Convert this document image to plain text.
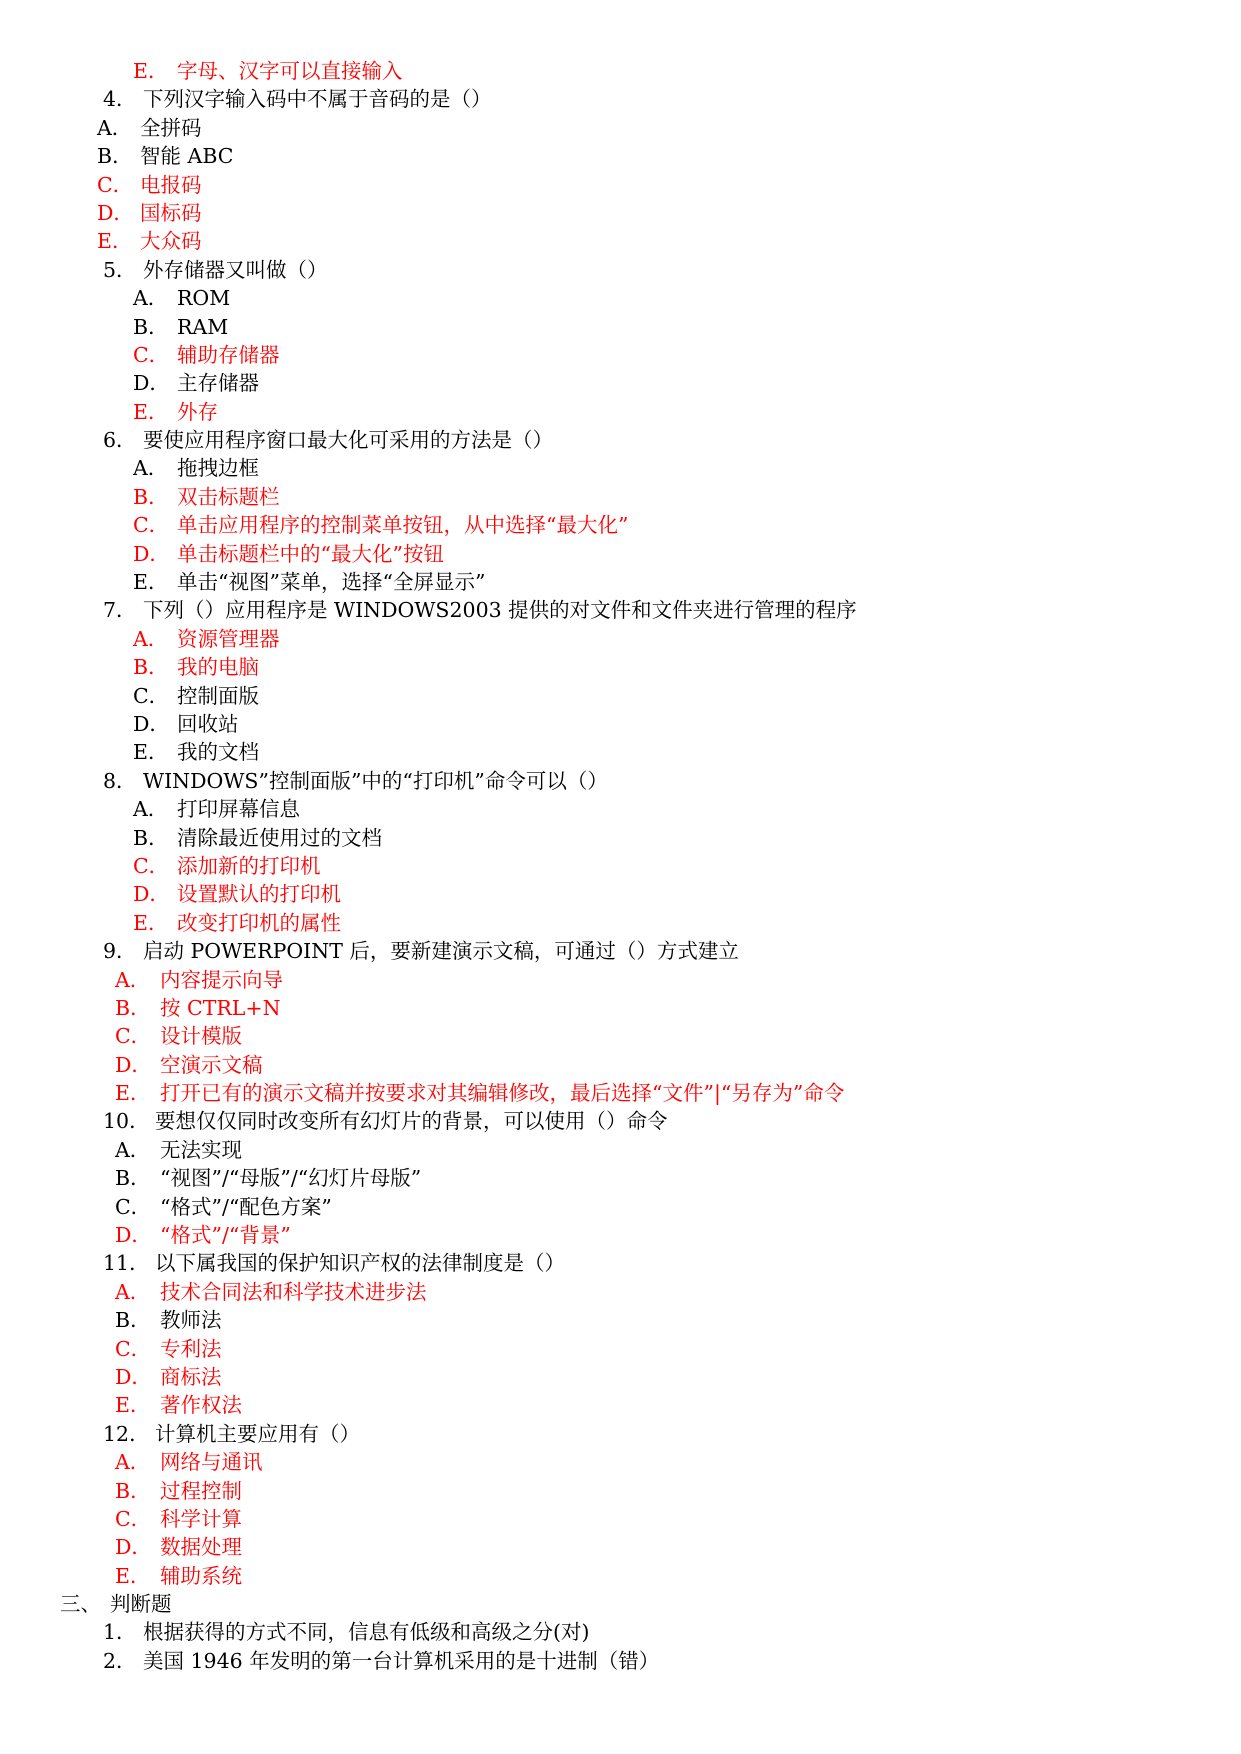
E． 字母、汉字可以直接输入
4． 下列汉字输入码中不属于音码的是（）
A． 全拼码
B． 智能 ABC
C． 电报码
D． 国标码
E． 大众码
5． 外存储器又叫做（）
A． ROM
B． RAM
C． 辅助存储器
D． 主存储器
E． 外存
6． 要使应用程序窗口最大化可采用的方法是（）
A． 拖拽边框
B． 双击标题栏
C． 单击应用程序的控制菜单按钮，从中选择“最大化”
D． 单击标题栏中的“最大化”按钮
E． 单击“视图”菜单，选择“全屏显示”
7． 下列（）应用程序是 WINDOWS2003 提供的对文件和文件夹进行管理的程序
A． 资源管理器
B． 我的电脑
C． 控制面版
D． 回收站
E． 我的文档
8． WINDOWS”控制面版”中的“打印机”命令可以（）
A． 打印屏幕信息
B． 清除最近使用过的文档
C． 添加新的打印机
D． 设置默认的打印机
E． 改变打印机的属性
9． 启动 POWERPOINT 后，要新建演示文稿，可通过（）方式建立
A． 内容提示向导
B． 按 CTRL+N
C． 设计模版
D． 空演示文稿
E． 打开已有的演示文稿并按要求对其编辑修改，最后选择“文件”|“另存为”命令
10． 要想仅仅同时改变所有幻灯片的背景，可以使用（）命令
A． 无法实现
B． “视图”/“母版”/“幻灯片母版”
C． “格式”/“配色方案”
D． “格式”/“背景”
11． 以下属我国的保护知识产权的法律制度是（）
A． 技术合同法和科学技术进步法
B． 教师法
C． 专利法
D． 商标法
E． 著作权法
12． 计算机主要应用有（）
A． 网络与通讯
B． 过程控制
C． 科学计算
D． 数据处理
E． 辅助系统
三、 判断题
1． 根据获得的方式不同，信息有低级和高级之分(对)
2． 美国 1946 年发明的第一台计算机采用的是十进制（错）
